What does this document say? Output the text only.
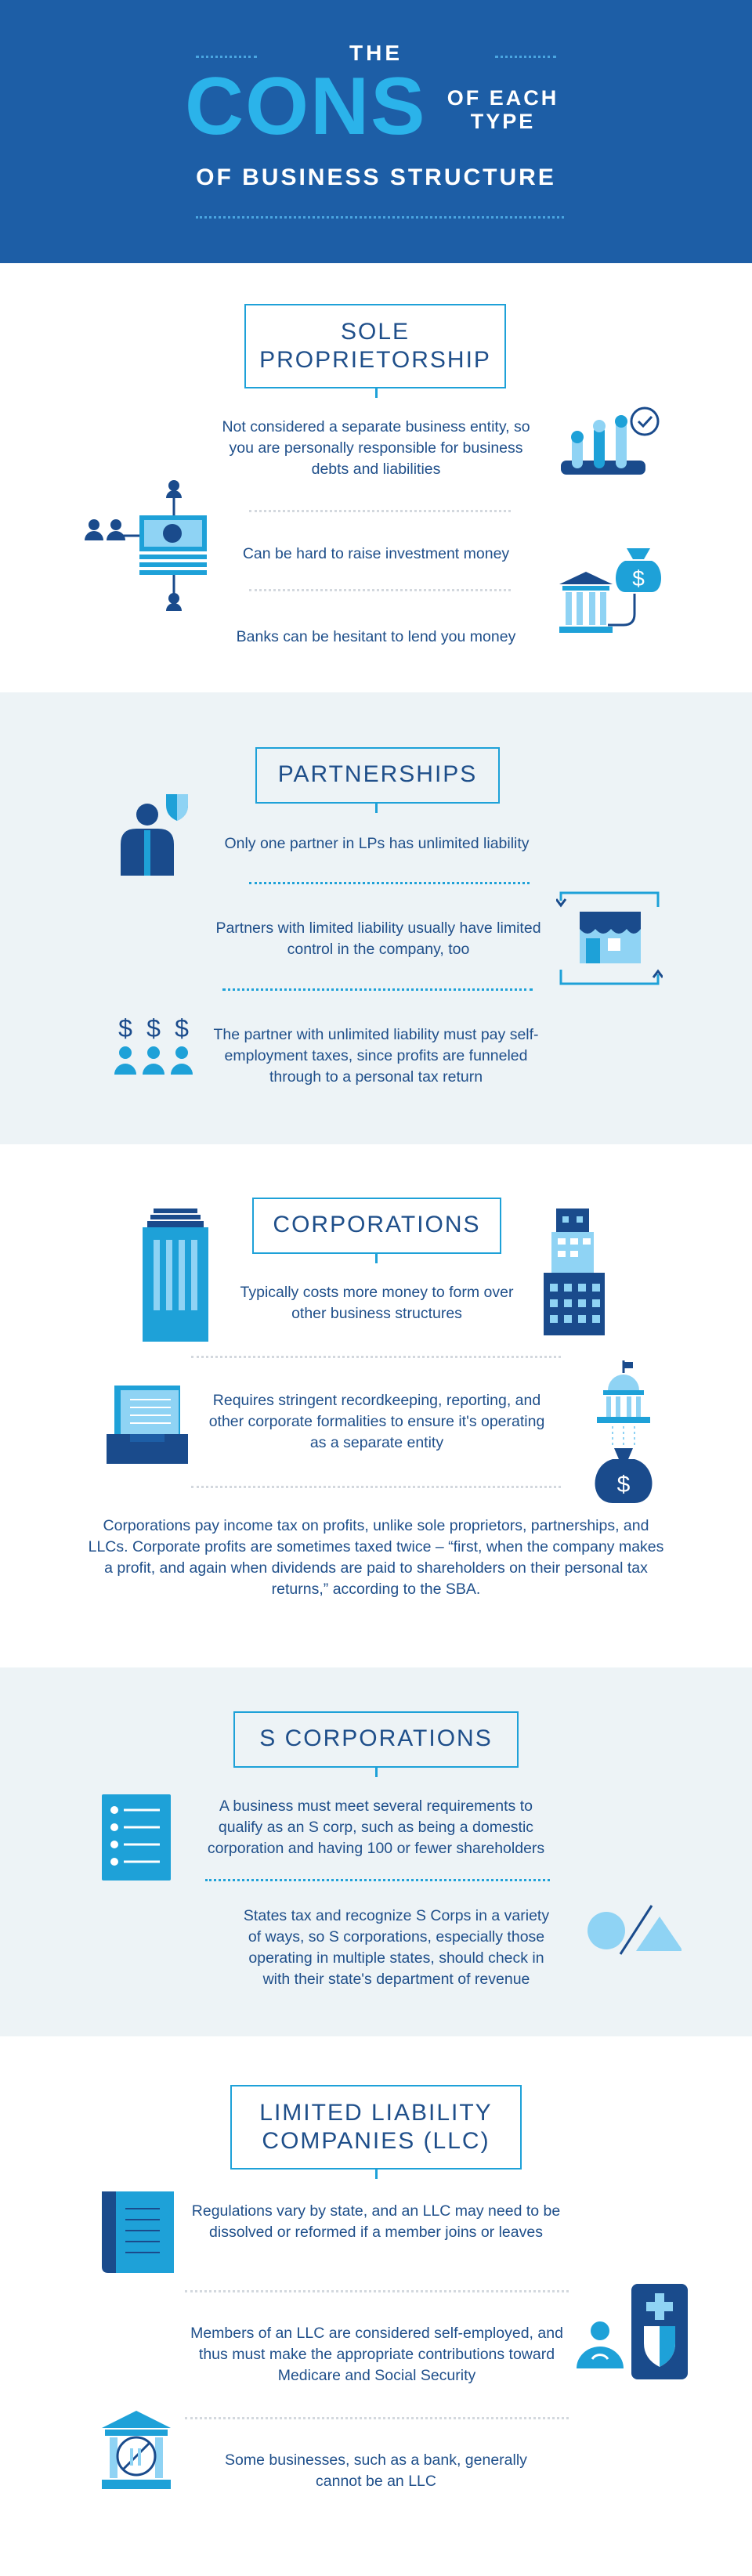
THE
CONS OF EACH TYPE
OF BUSINESS STRUCTURE
SOLE PROPRIETORSHIP
Not considered a separate business entity, so you are personally responsible for business debts and liabilities
Can be hard to raise investment money
Banks can be hesitant to lend you money
$
PARTNERSHIPS
Only one partner in LPs has unlimited liability
Partners with limited liability usually have limited control in the company, too
The partner with unlimited liability must pay self-employment taxes, since profits are funneled through to a personal tax return
$ $ $
CORPORATIONS
Typically costs more money to form over other business structures
Requires stringent recordkeeping, reporting, and other corporate formalities to ensure it's operating as a separate entity
Corporations pay income tax on profits, unlike sole proprietors, partnerships, and LLCs. Corporate profits are sometimes taxed twice – “first, when the company makes a profit, and again when dividends are paid to shareholders on their personal tax returns,” according to the SBA.
$
S CORPORATIONS
A business must meet several requirements to qualify as an S corp, such as being a domestic corporation and having 100 or fewer shareholders
States tax and recognize S Corps in a variety of ways, so S corporations, especially those operating in multiple states, should check in with their state's department of revenue
LIMITED LIABILITY COMPANIES (LLC)
Regulations vary by state, and an LLC may need to be dissolved or reformed if a member joins or leaves
Members of an LLC are considered self-employed, and thus must make the appropriate contributions toward Medicare and Social Security
Some businesses, such as a bank, generally cannot be an LLC
